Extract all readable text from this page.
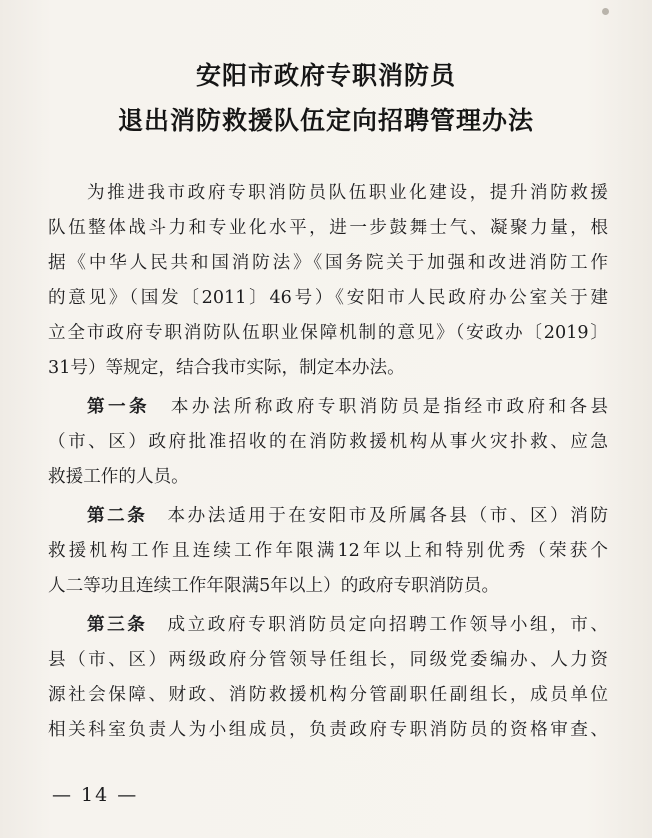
安阳市政府专职消防员
退出消防救援队伍定向招聘管理办法
为推进我市政府专职消防员队伍职业化建设，提升消防救援
队伍整体战斗力和专业化水平，进一步鼓舞士气、凝聚力量，根
据《中华人民共和国消防法》《国务院关于加强和改进消防工作
的意见》（国发〔2011〕46号）《安阳市人民政府办公室关于建
立全市政府专职消防队伍职业保障机制的意见》（安政办〔2019〕
31号）等规定，结合我市实际，制定本办法。
第一条  本办法所称政府专职消防员是指经市政府和各县
（市、区）政府批准招收的在消防救援机构从事火灾扑救、应急
救援工作的人员。
第二条  本办法适用于在安阳市及所属各县（市、区）消防
救援机构工作且连续工作年限满12年以上和特别优秀（荣获个
人二等功且连续工作年限满5年以上）的政府专职消防员。
第三条  成立政府专职消防员定向招聘工作领导小组，市、
县（市、区）两级政府分管领导任组长，同级党委编办、人力资
源社会保障、财政、消防救援机构分管副职任副组长，成员单位
相关科室负责人为小组成员，负责政府专职消防员的资格审查、
— 14 —
